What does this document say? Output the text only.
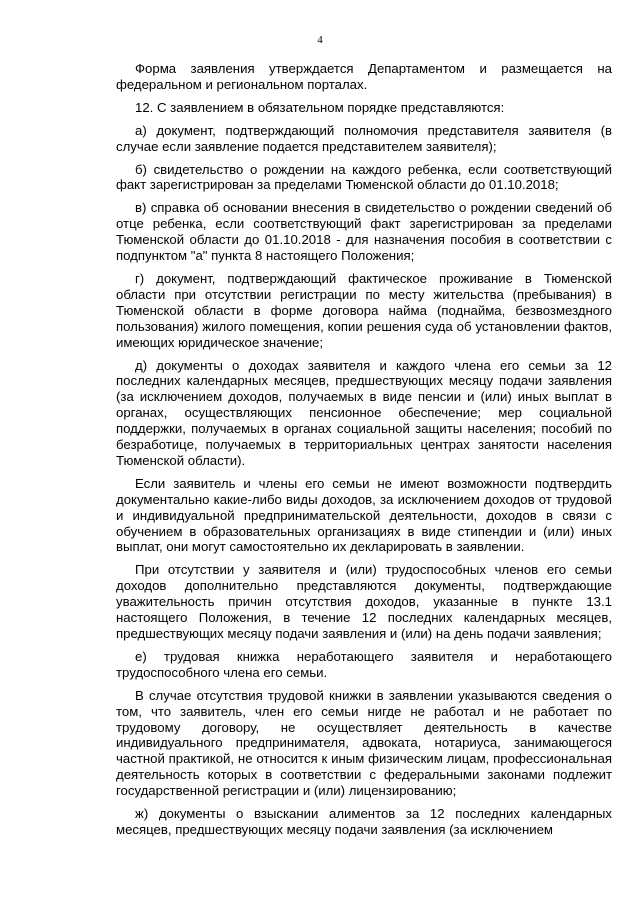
4

Форма заявления утверждается Департаментом и размещается на федеральном и региональном порталах.

12. С заявлением в обязательном порядке представляются:

а) документ, подтверждающий полномочия представителя заявителя (в случае если заявление подается представителем заявителя);

б) свидетельство о рождении на каждого ребенка, если соответствующий факт зарегистрирован за пределами Тюменской области до 01.10.2018;

в) справка об основании внесения в свидетельство о рождении сведений об отце ребенка, если соответствующий факт зарегистрирован за пределами Тюменской области до 01.10.2018 - для назначения пособия в соответствии с подпунктом "а" пункта 8 настоящего Положения;

г) документ, подтверждающий фактическое проживание в Тюменской области при отсутствии регистрации по месту жительства (пребывания) в Тюменской области в форме договора найма (поднайма, безвозмездного пользования) жилого помещения, копии решения суда об установлении фактов, имеющих юридическое значение;

д) документы о доходах заявителя и каждого члена его семьи за 12 последних календарных месяцев, предшествующих месяцу подачи заявления (за исключением доходов, получаемых в виде пенсии и (или) иных выплат в органах, осуществляющих пенсионное обеспечение; мер социальной поддержки, получаемых в органах социальной защиты населения; пособий по безработице, получаемых в территориальных центрах занятости населения Тюменской области).

Если заявитель и члены его семьи не имеют возможности подтвердить документально какие-либо виды доходов, за исключением доходов от трудовой и индивидуальной предпринимательской деятельности, доходов в связи с обучением в образовательных организациях в виде стипендии и (или) иных выплат, они могут самостоятельно их декларировать в заявлении.

При отсутствии у заявителя и (или) трудоспособных членов его семьи доходов дополнительно представляются документы, подтверждающие уважительность причин отсутствия доходов, указанные в пункте 13.1 настоящего Положения, в течение 12 последних календарных месяцев, предшествующих месяцу подачи заявления и (или) на день подачи заявления;

е) трудовая книжка неработающего заявителя и неработающего трудоспособного члена его семьи.

В случае отсутствия трудовой книжки в заявлении указываются сведения о том, что заявитель, член его семьи нигде не работал и не работает по трудовому договору, не осуществляет деятельность в качестве индивидуального предпринимателя, адвоката, нотариуса, занимающегося частной практикой, не относится к иным физическим лицам, профессиональная деятельность которых в соответствии с федеральными законами подлежит государственной регистрации и (или) лицензированию;

ж) документы о взыскании алиментов за 12 последних календарных месяцев, предшествующих месяцу подачи заявления (за исключением
